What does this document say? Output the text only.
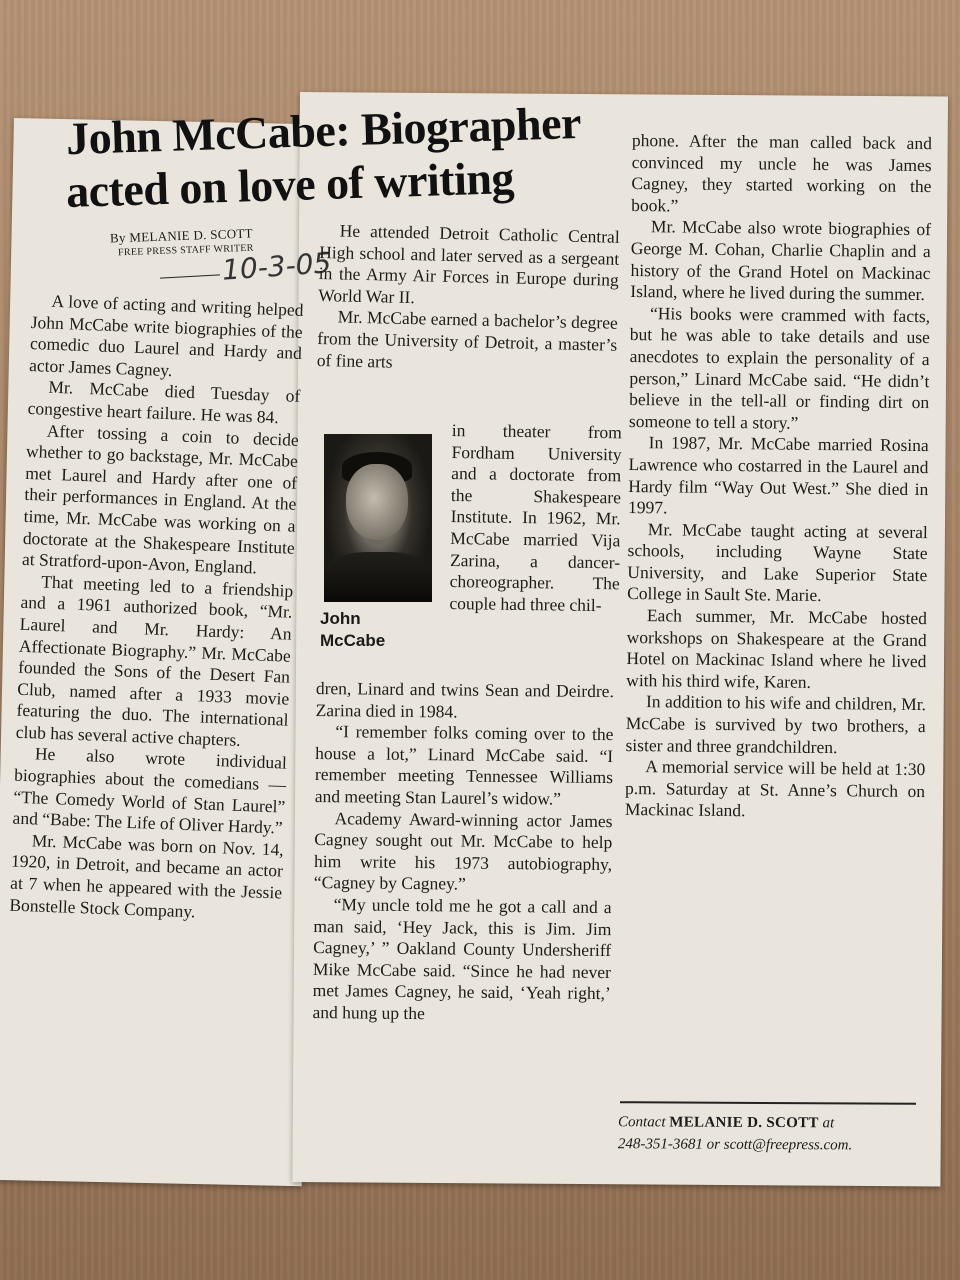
John McCabe: Biographer
acted on love of writing
By MELANIE D. SCOTT
FREE PRESS STAFF WRITER
10-3-05

A love of acting and writing helped John McCabe write biographies of the comedic duo Laurel and Hardy and actor James Cagney.

Mr. McCabe died Tuesday of congestive heart failure. He was 84.

After tossing a coin to decide whether to go backstage, Mr. McCabe met Laurel and Hardy after one of their performances in England. At the time, Mr. McCabe was working on a doctorate at the Shakespeare Institute at Stratford-upon-Avon, England.

That meeting led to a friendship and a 1961 authorized book, “Mr. Laurel and Mr. Hardy: An Affectionate Biography.” Mr. McCabe founded the Sons of the Desert Fan Club, named after a 1933 movie featuring the duo. The international club has several active chapters.

He also wrote individual biographies about the comedians — “The Comedy World of Stan Laurel” and “Babe: The Life of Oliver Hardy.”

Mr. McCabe was born on Nov. 14, 1920, in Detroit, and became an actor at 7 when he appeared with the Jessie Bonstelle Stock Company.

He attended Detroit Catholic Central High school and later served as a sergeant in the Army Air Forces in Europe during World War II.

Mr. McCabe earned a bachelor’s degree from the University of Detroit, a master’s of fine arts

John McCabe

in theater from Fordham University and a doctorate from the Shakespeare Institute. In 1962, Mr. McCabe married Vija Zarina, a dancer-choreographer. The couple had three chil-

dren, Linard and twins Sean and Deirdre. Zarina died in 1984.

“I remember folks coming over to the house a lot,” Linard McCabe said. “I remember meeting Tennessee Williams and meeting Stan Laurel’s widow.”

Academy Award-winning actor James Cagney sought out Mr. McCabe to help him write his 1973 autobiography, “Cagney by Cagney.”

“My uncle told me he got a call and a man said, ‘Hey Jack, this is Jim. Jim Cagney,’ ” Oakland County Undersheriff Mike McCabe said. “Since he had never met James Cagney, he said, ‘Yeah right,’ and hung up the

phone. After the man called back and convinced my uncle he was James Cagney, they started working on the book.”

Mr. McCabe also wrote biographies of George M. Cohan, Charlie Chaplin and a history of the Grand Hotel on Mackinac Island, where he lived during the summer.

“His books were crammed with facts, but he was able to take details and use anecdotes to explain the personality of a person,” Linard McCabe said. “He didn’t believe in the tell-all or finding dirt on someone to tell a story.”

In 1987, Mr. McCabe married Rosina Lawrence who costarred in the Laurel and Hardy film “Way Out West.” She died in 1997.

Mr. McCabe taught acting at several schools, including Wayne State University, and Lake Superior State College in Sault Ste. Marie.

Each summer, Mr. McCabe hosted workshops on Shakespeare at the Grand Hotel on Mackinac Island where he lived with his third wife, Karen.

In addition to his wife and children, Mr. McCabe is survived by two brothers, a sister and three grandchildren.

A memorial service will be held at 1:30 p.m. Saturday at St. Anne’s Church on Mackinac Island.

Contact MELANIE D. SCOTT at
248-351-3681 or scott@freepress.com.
